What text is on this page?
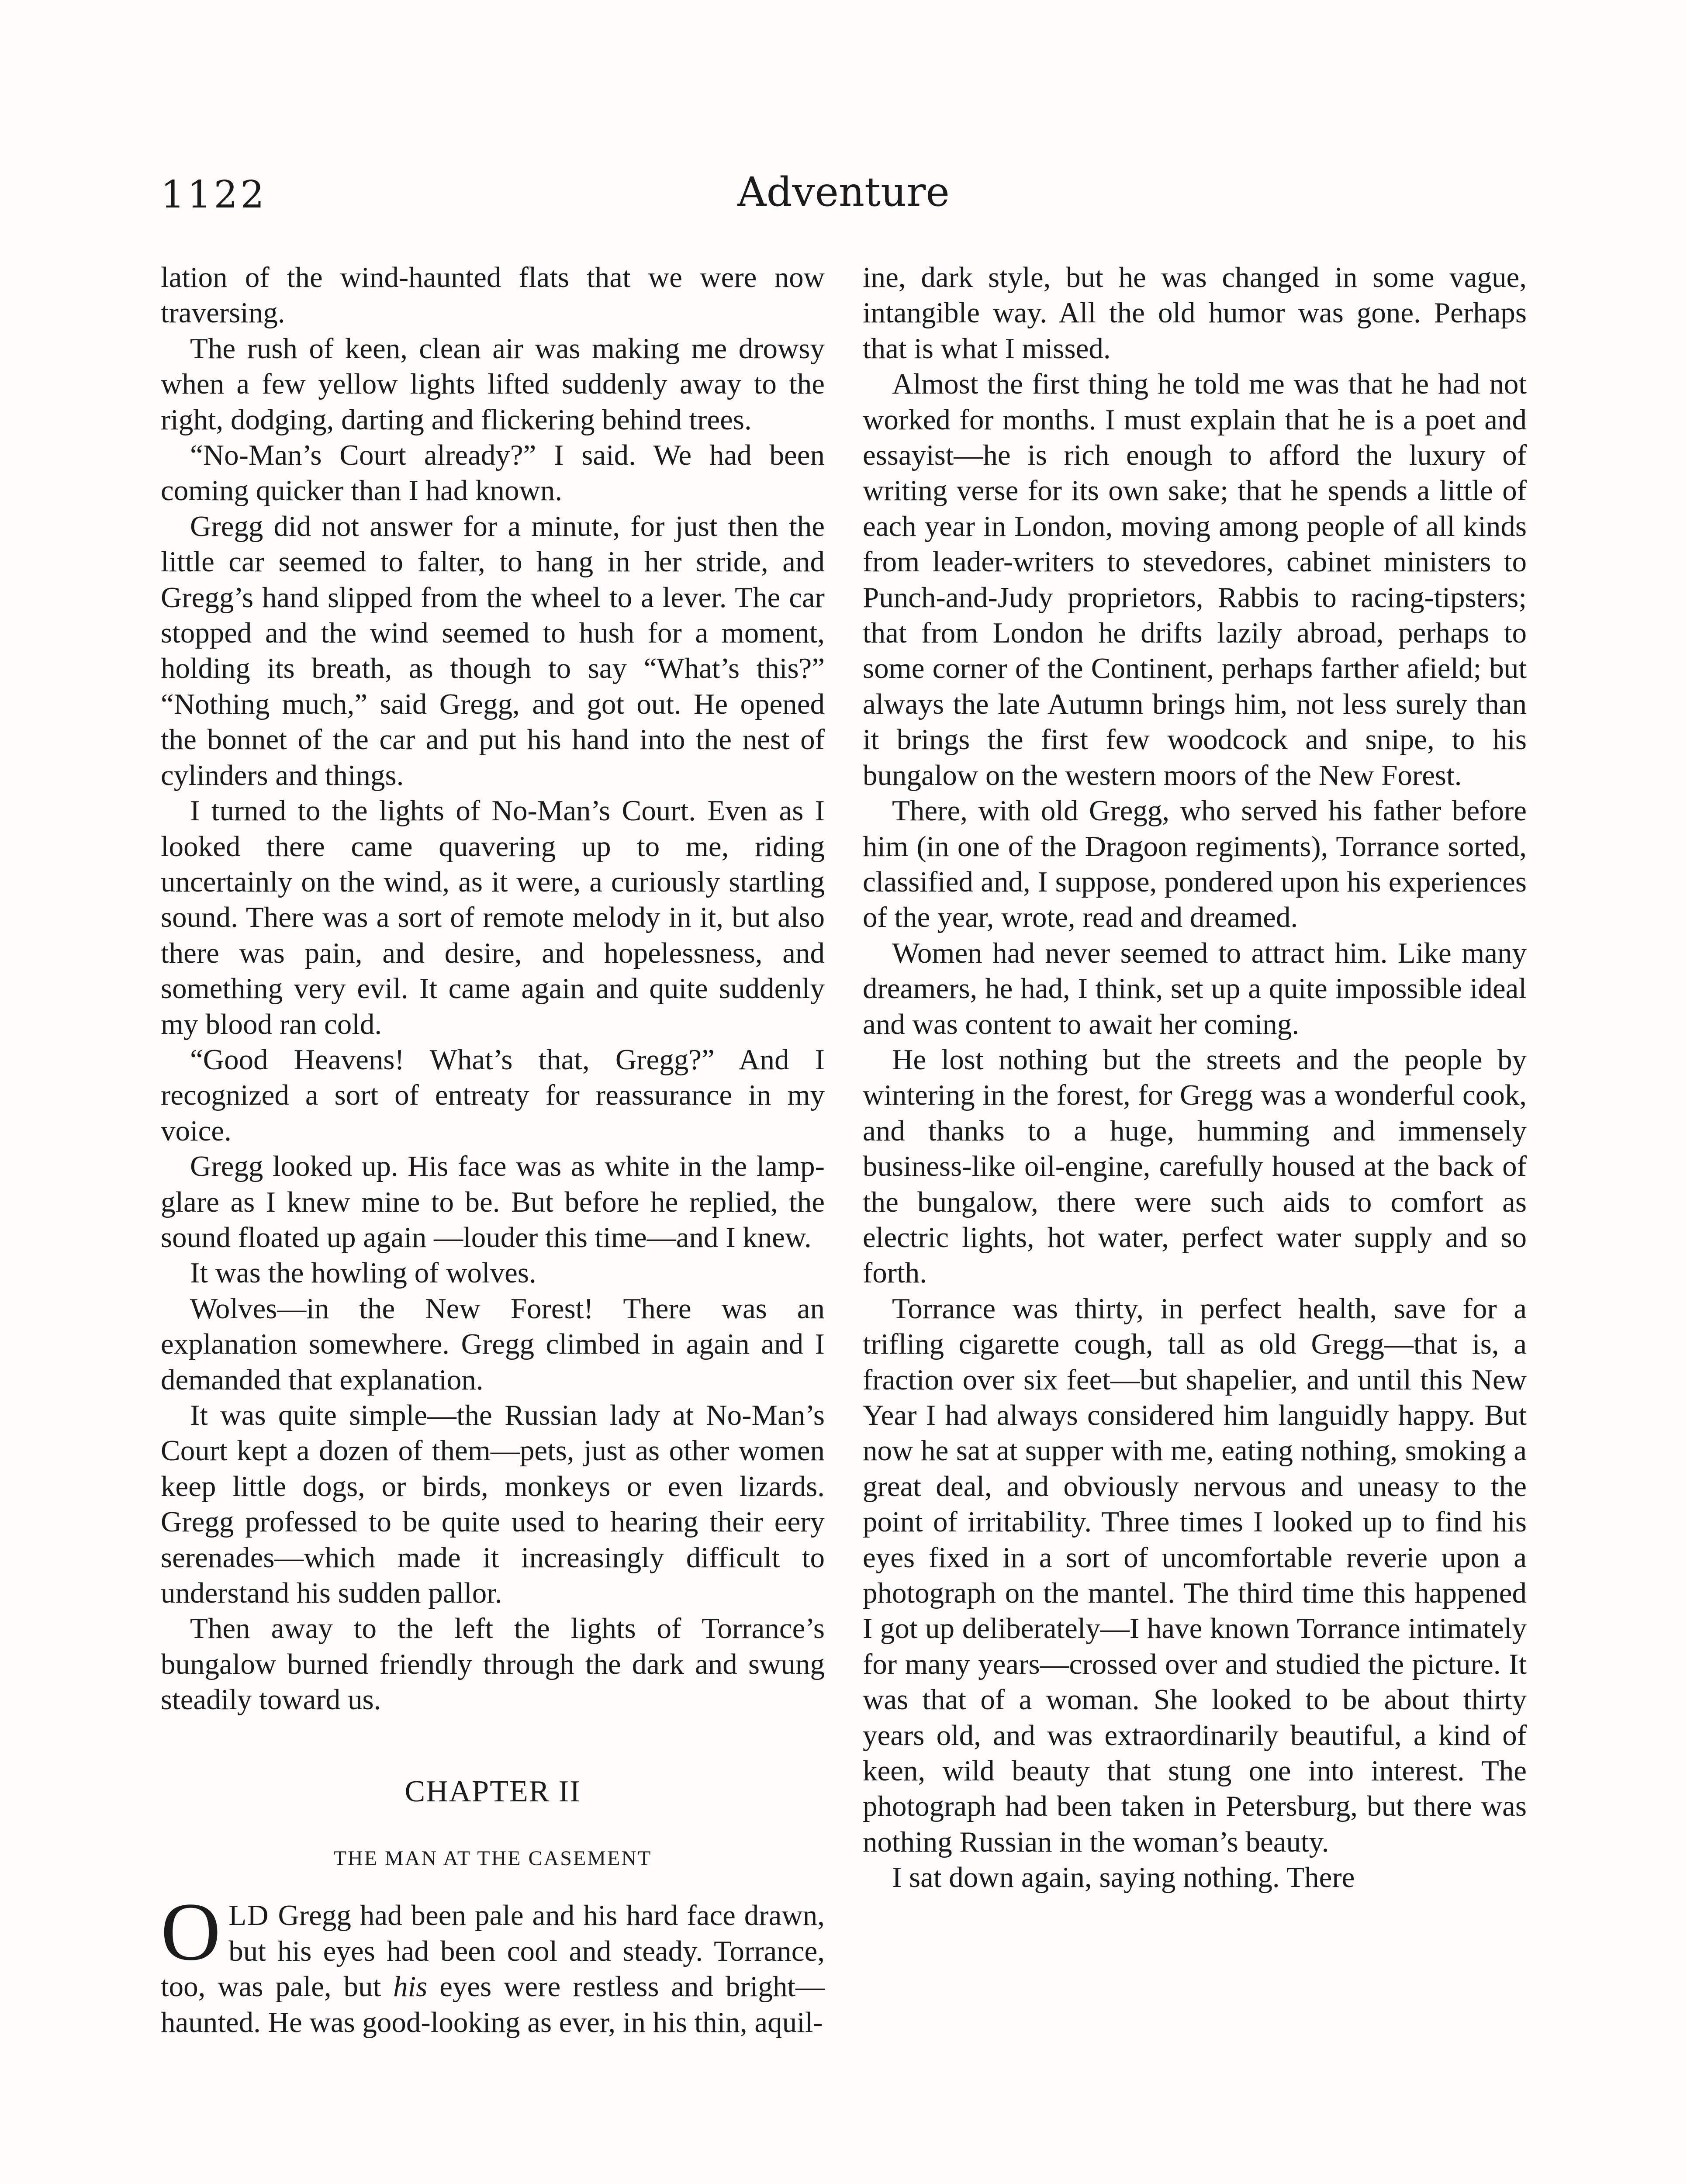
1122	Adventure

lation of the wind-haunted flats that we were now traversing.

The rush of keen, clean air was making me drowsy when a few yellow lights lifted suddenly away to the right, dodging, darting and flickering behind trees.

“No-Man’s Court already?” I said. We had been coming quicker than I had known.

Gregg did not answer for a minute, for just then the little car seemed to falter, to hang in her stride, and Gregg’s hand slipped from the wheel to a lever. The car stopped and the wind seemed to hush for a moment, holding its breath, as though to say “What’s this?” “Nothing much,” said Gregg, and got out. He opened the bonnet of the car and put his hand into the nest of cylinders and things.

I turned to the lights of No-Man’s Court. Even as I looked there came quavering up to me, riding uncertainly on the wind, as it were, a curiously startling sound. There was a sort of remote melody in it, but also there was pain, and desire, and hopelessness, and something very evil. It came again and quite suddenly my blood ran cold.

“Good Heavens! What’s that, Gregg?” And I recognized a sort of entreaty for reassurance in my voice.

Gregg looked up. His face was as white in the lamp-glare as I knew mine to be. But before he replied, the sound floated up again —louder this time—and I knew.

It was the howling of wolves.

Wolves—in the New Forest! There was an explanation somewhere. Gregg climbed in again and I demanded that explanation.

It was quite simple—the Russian lady at No-Man’s Court kept a dozen of them—pets, just as other women keep little dogs, or birds, monkeys or even lizards. Gregg professed to be quite used to hearing their eery serenades—which made it increasingly difficult to understand his sudden pallor.

Then away to the left the lights of Torrance’s bungalow burned friendly through the dark and swung steadily toward us.

CHAPTER II
THE MAN AT THE CASEMENT

OLD Gregg had been pale and his hard face drawn, but his eyes had been cool and steady. Torrance, too, was pale, but his eyes were restless and bright—haunted. He was good-looking as ever, in his thin, aquil-

ine, dark style, but he was changed in some vague, intangible way. All the old humor was gone. Perhaps that is what I missed.

Almost the first thing he told me was that he had not worked for months. I must explain that he is a poet and essayist—he is rich enough to afford the luxury of writing verse for its own sake; that he spends a little of each year in London, moving among people of all kinds from leader-writers to stevedores, cabinet ministers to Punch-and-Judy proprietors, Rabbis to racing-tipsters; that from London he drifts lazily abroad, perhaps to some corner of the Continent, perhaps farther afield; but always the late Autumn brings him, not less surely than it brings the first few woodcock and snipe, to his bungalow on the western moors of the New Forest.

There, with old Gregg, who served his father before him (in one of the Dragoon regiments), Torrance sorted, classified and, I suppose, pondered upon his experiences of the year, wrote, read and dreamed.

Women had never seemed to attract him. Like many dreamers, he had, I think, set up a quite impossible ideal and was content to await her coming.

He lost nothing but the streets and the people by wintering in the forest, for Gregg was a wonderful cook, and thanks to a huge, humming and immensely business-like oil-engine, carefully housed at the back of the bungalow, there were such aids to comfort as electric lights, hot water, perfect water supply and so forth.

Torrance was thirty, in perfect health, save for a trifling cigarette cough, tall as old Gregg—that is, a fraction over six feet—but shapelier, and until this New Year I had always considered him languidly happy. But now he sat at supper with me, eating nothing, smoking a great deal, and obviously nervous and uneasy to the point of irritability. Three times I looked up to find his eyes fixed in a sort of uncomfortable reverie upon a photograph on the mantel. The third time this happened I got up deliberately—I have known Torrance intimately for many years—crossed over and studied the picture. It was that of a woman. She looked to be about thirty years old, and was extraordinarily beautiful, a kind of keen, wild beauty that stung one into interest. The photograph had been taken in Petersburg, but there was nothing Russian in the woman’s beauty.

I sat down again, saying nothing. There
